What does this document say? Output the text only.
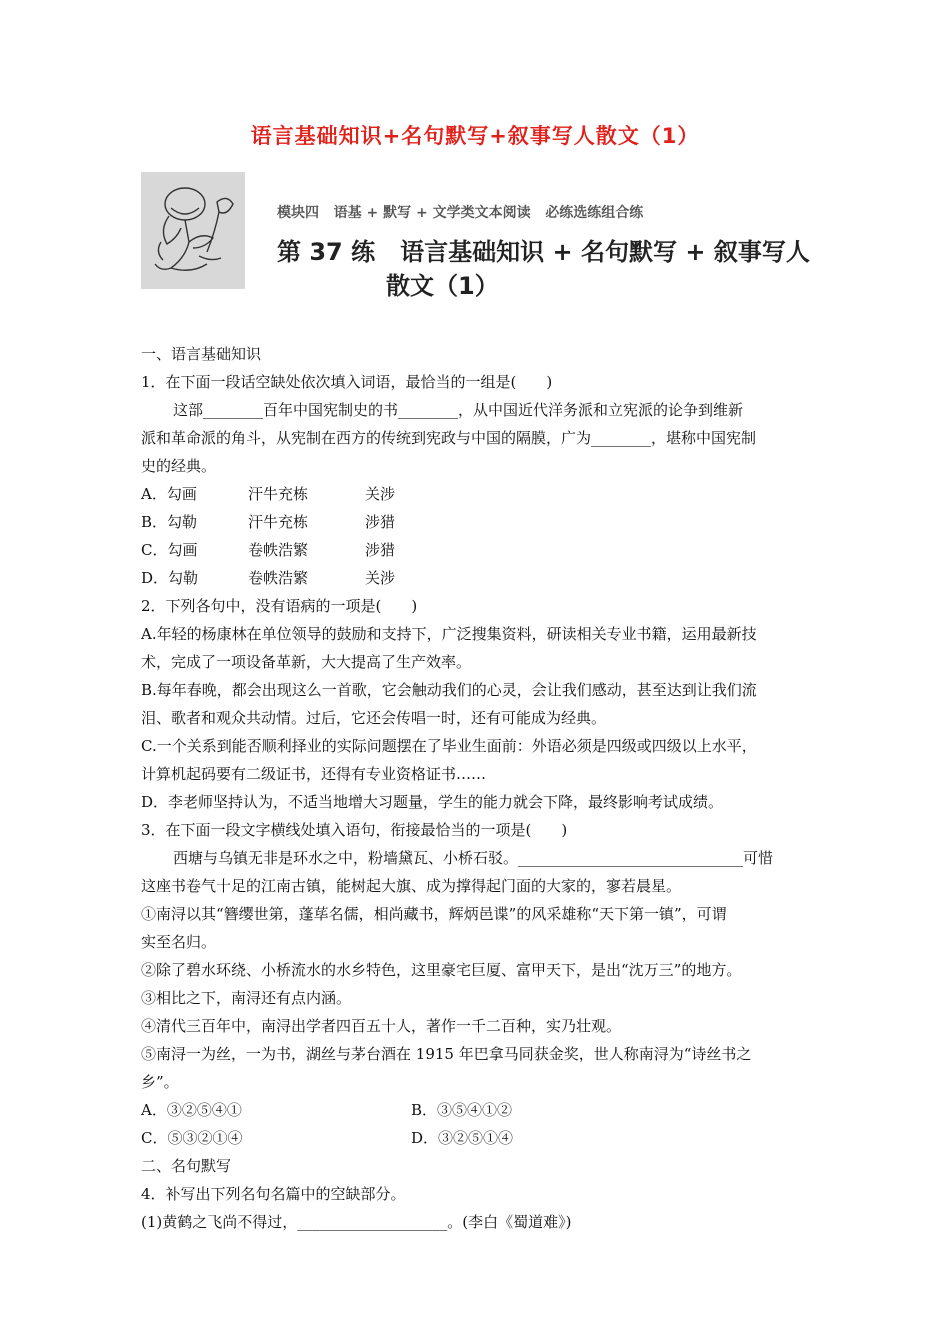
语言基础知识+名句默写+叙事写人散文（1）
模块四   语基 + 默写 + 文学类文本阅读   必练选练组合练
第 37 练   语言基础知识 + 名句默写 + 叙事写人
散文（1）
一、语言基础知识
1．在下面一段话空缺处依次填入词语，最恰当的一组是(　　)
这部________百年中国宪制史的书________，从中国近代洋务派和立宪派的论争到维新
派和革命派的角斗，从宪制在西方的传统到宪政与中国的隔膜，广为________，堪称中国宪制
史的经典。
A．勾画	汗牛充栋	关涉
B．勾勒	汗牛充栋	涉猎
C．勾画	卷帙浩繁	涉猎
D．勾勒	卷帙浩繁	关涉
2．下列各句中，没有语病的一项是(　　)
A.年轻的杨康林在单位领导的鼓励和支持下，广泛搜集资料，研读相关专业书籍，运用最新技
术，完成了一项设备革新，大大提高了生产效率。
B.每年春晚，都会出现这么一首歌，它会触动我们的心灵，会让我们感动，甚至达到让我们流
泪、歌者和观众共动情。过后，它还会传唱一时，还有可能成为经典。
C.一个关系到能否顺利择业的实际问题摆在了毕业生面前：外语必须是四级或四级以上水平，
计算机起码要有二级证书，还得有专业资格证书……
D．李老师坚持认为，不适当地增大习题量，学生的能力就会下降，最终影响考试成绩。
3．在下面一段文字横线处填入语句，衔接最恰当的一项是(　　)
西塘与乌镇无非是环水之中，粉墙黛瓦、小桥石驳。______________________________可惜
这座书卷气十足的江南古镇，能树起大旗、成为撑得起门面的大家的，寥若晨星。
①南浔以其“簪缨世第，蓬荜名儒，相尚藏书，辉炳邑谍”的风采雄称“天下第一镇”，可谓
实至名归。
②除了碧水环绕、小桥流水的水乡特色，这里豪宅巨厦、富甲天下，是出“沈万三”的地方。
③相比之下，南浔还有点内涵。
④清代三百年中，南浔出学者四百五十人，著作一千二百种，实乃壮观。
⑤南浔一为丝，一为书，湖丝与茅台酒在 1915 年巴拿马同获金奖，世人称南浔为“诗丝书之
乡”。
A．③②⑤④①	B．③⑤④①②
C．⑤③②①④	D．③②⑤①④
二、名句默写
4．补写出下列名句名篇中的空缺部分。
(1)黄鹤之飞尚不得过，____________________。(李白《蜀道难》)
